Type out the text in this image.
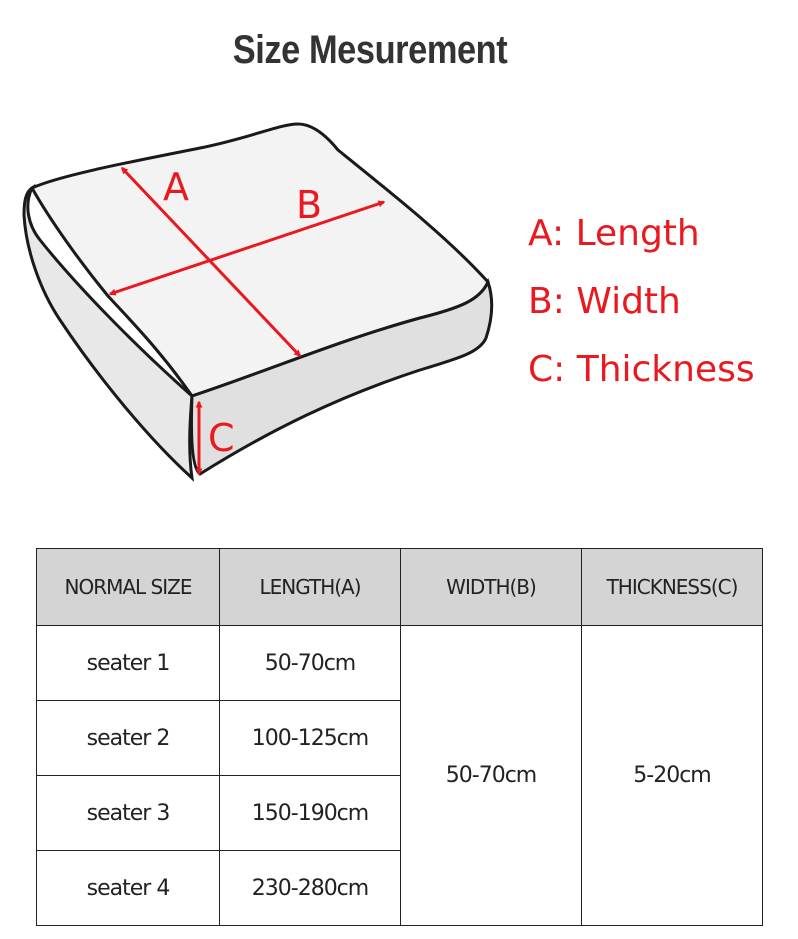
Size Mesurement
A	B
C
A: Length
B: Width
C: Thickness
NORMAL SIZE	LENGTH(A)	WIDTH(B)	THICKNESS(C)
seater 1	50-70cm	50-70cm	5-20cm
seater 2	100-125cm		
seater 3	150-190cm		
seater 4	230-280cm		
